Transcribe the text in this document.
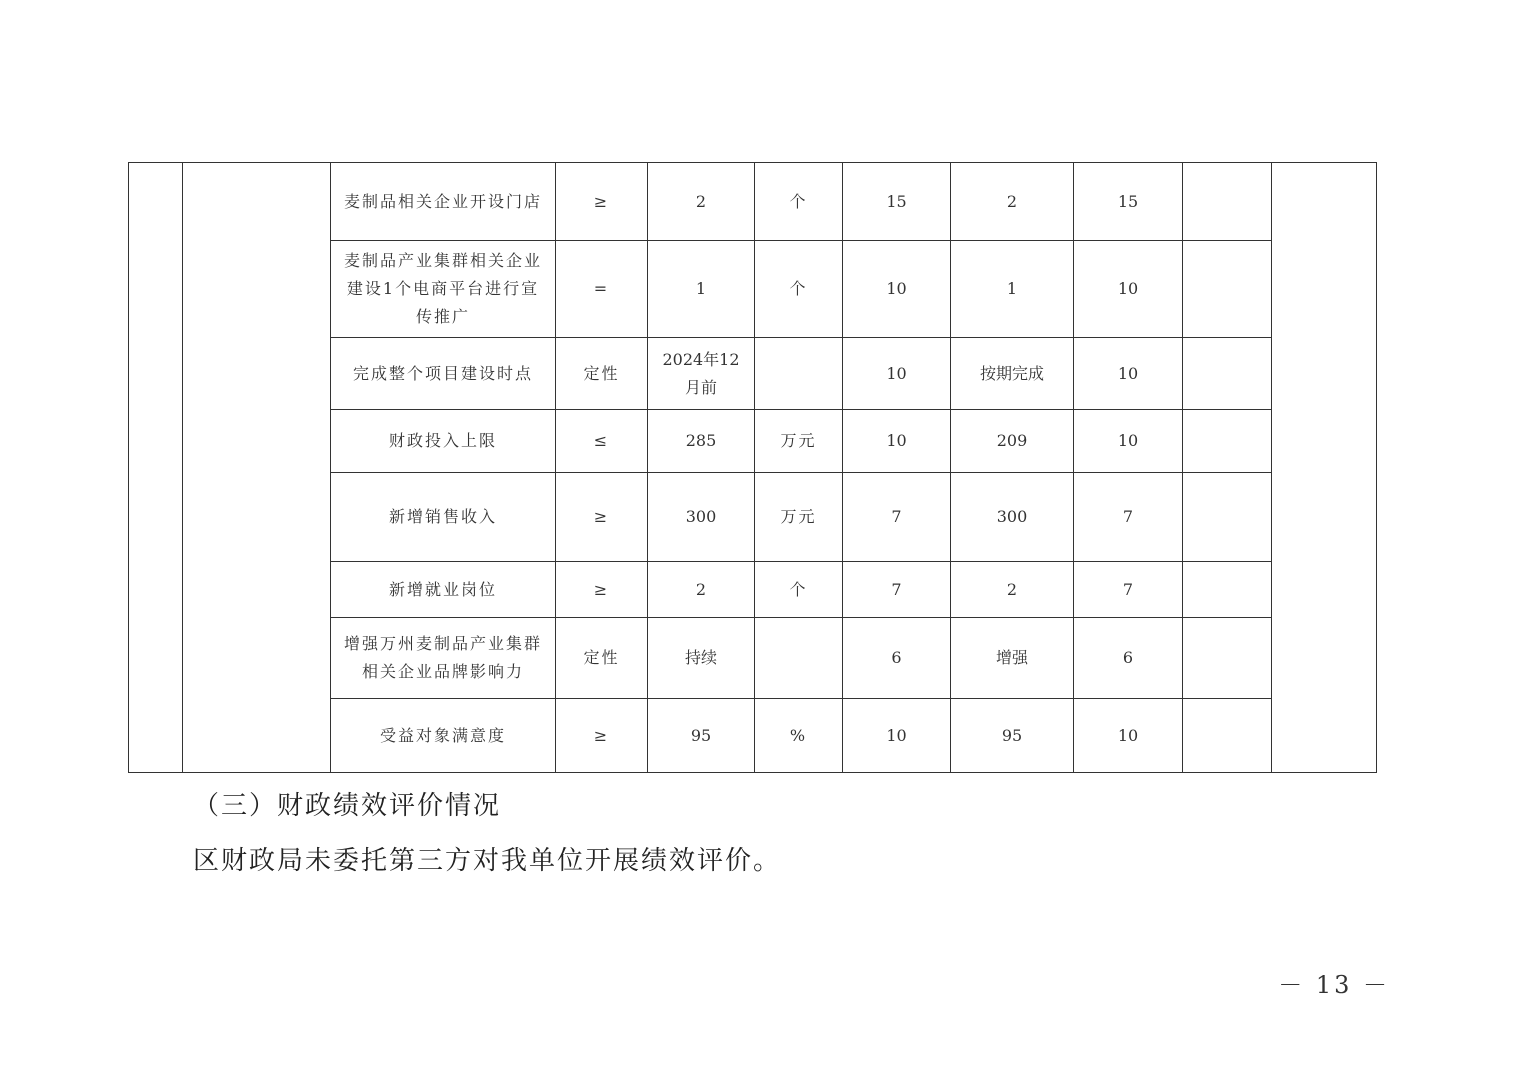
		麦制品相关企业开设门店	≥	2	个	15	2	15		
		麦制品产业集群相关企业建设1个电商平台进行宣传推广	=	1	个	10	1	10		
		完成整个项目建设时点	定性	2024年12月前		10	按期完成	10		
		财政投入上限	≤	285	万元	10	209	10		
		新增销售收入	≥	300	万元	7	300	7		
		新增就业岗位	≥	2	个	7	2	7		
		增强万州麦制品产业集群相关企业品牌影响力	定性	持续		6	增强	6		
		受益对象满意度	≥	95	%	10	95	10		
（三）财政绩效评价情况
区财政局未委托第三方对我单位开展绩效评价。
－ 13 －
